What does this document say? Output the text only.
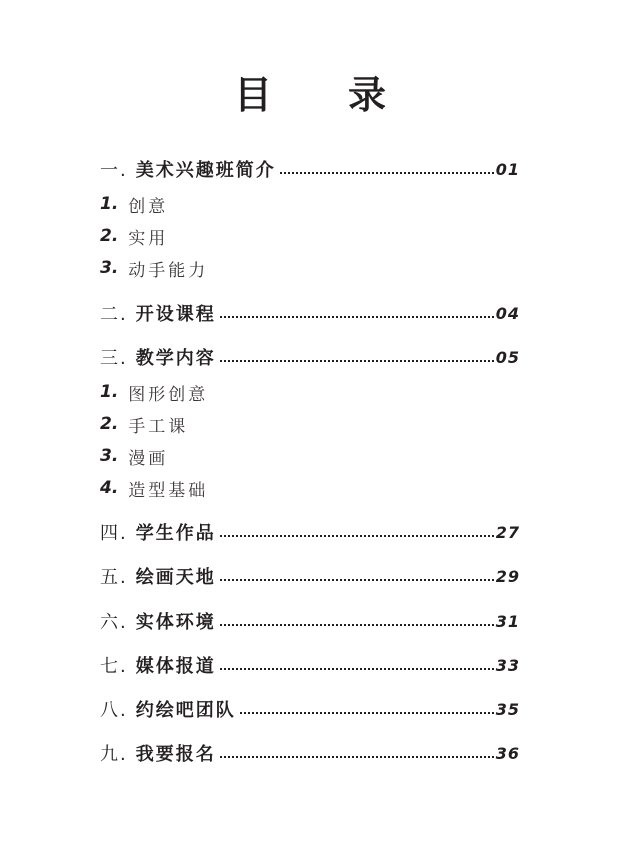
目 录
一. 美术兴趣班简介	01
1. 创意
2. 实用
3. 动手能力
二. 开设课程	04
三. 教学内容	05
1. 图形创意
2. 手工课
3. 漫画
4. 造型基础
四. 学生作品	27
五. 绘画天地	29
六. 实体环境	31
七. 媒体报道	33
八. 约绘吧团队	35
九. 我要报名	36
